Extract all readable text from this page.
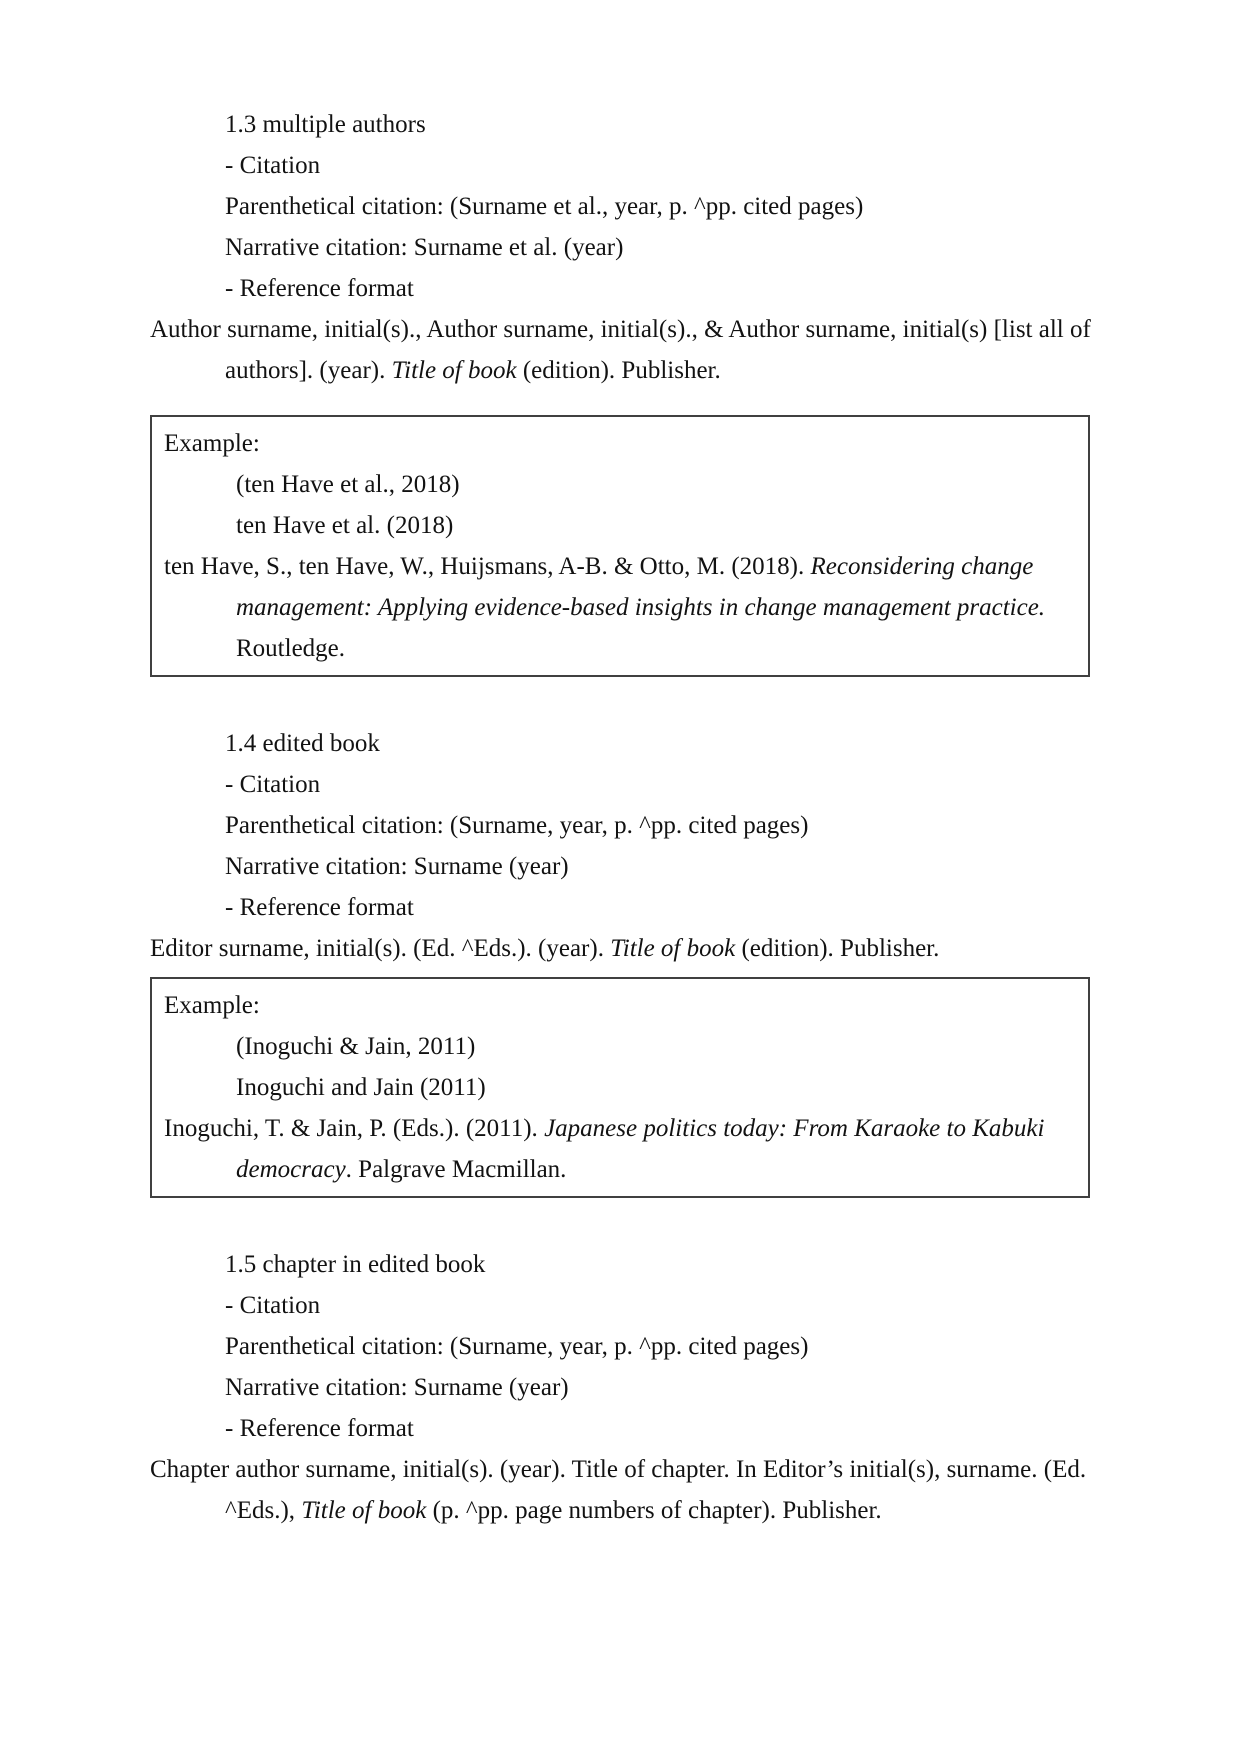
1.3 multiple authors
- Citation
Parenthetical citation: (Surname et al., year, p. ^pp. cited pages)
Narrative citation: Surname et al. (year)
- Reference format
Author surname, initial(s)., Author surname, initial(s)., & Author surname, initial(s) [list all of
authors]. (year). Title of book (edition). Publisher.
Example:
(ten Have et al., 2018)
ten Have et al. (2018)
ten Have, S., ten Have, W., Huijsmans, A-B. & Otto, M. (2018). Reconsidering change
management: Applying evidence-based insights in change management practice.
Routledge.
1.4 edited book
- Citation
Parenthetical citation: (Surname, year, p. ^pp. cited pages)
Narrative citation: Surname (year)
- Reference format
Editor surname, initial(s). (Ed. ^Eds.). (year). Title of book (edition). Publisher.
Example:
(Inoguchi & Jain, 2011)
Inoguchi and Jain (2011)
Inoguchi, T. & Jain, P. (Eds.). (2011). Japanese politics today: From Karaoke to Kabuki
democracy. Palgrave Macmillan.
1.5 chapter in edited book
- Citation
Parenthetical citation: (Surname, year, p. ^pp. cited pages)
Narrative citation: Surname (year)
- Reference format
Chapter author surname, initial(s). (year). Title of chapter. In Editor’s initial(s), surname. (Ed.
^Eds.), Title of book (p. ^pp. page numbers of chapter). Publisher.
